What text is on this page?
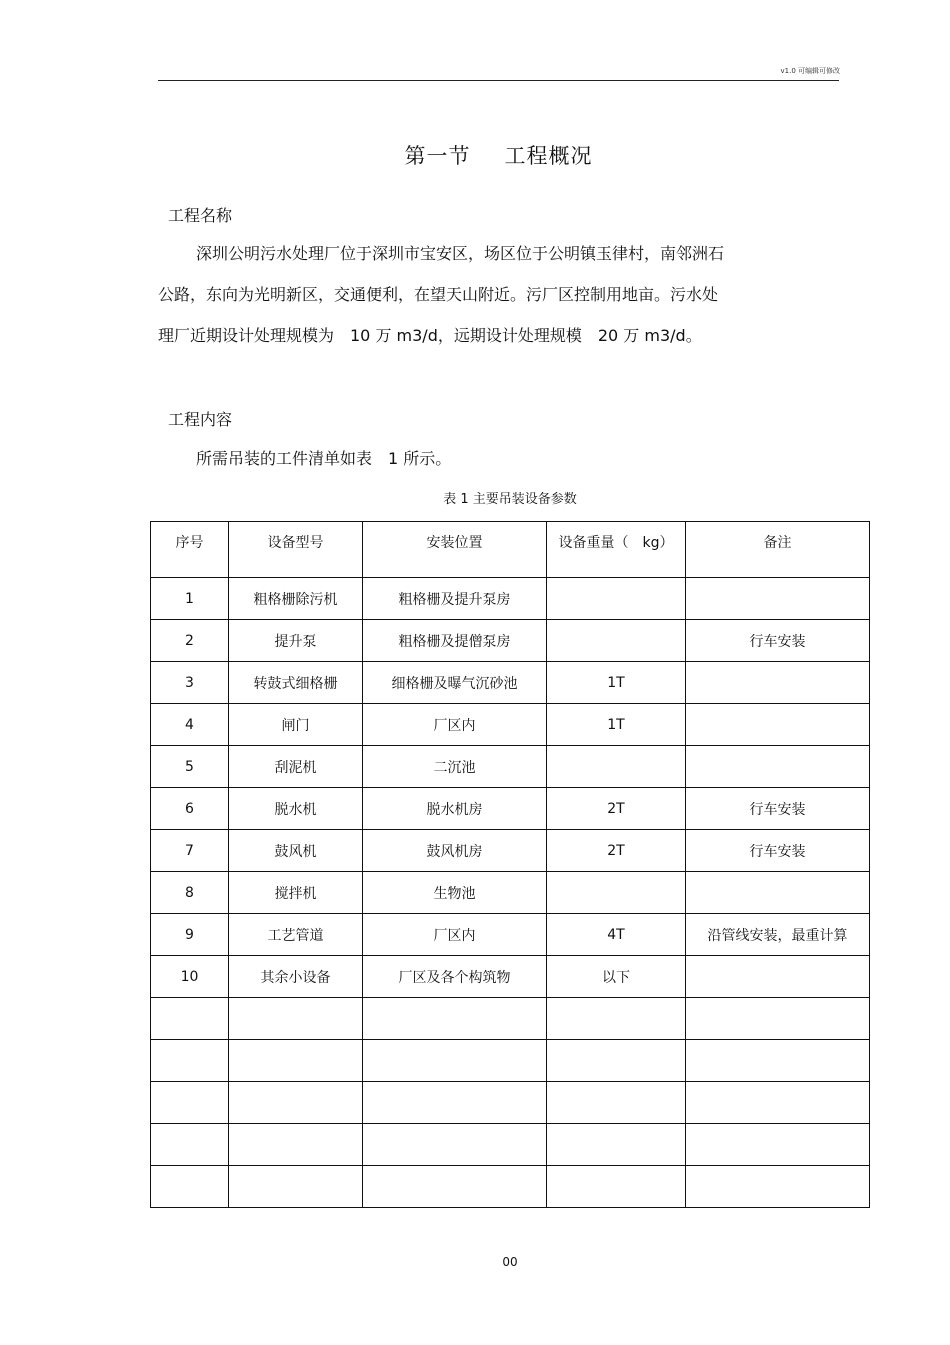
v1.0 可编辑可修改
第一节 工程概况
工程名称
深圳公明污水处理厂位于深圳市宝安区，场区位于公明镇玉律村，南邻洲石
公路，东向为光明新区，交通便利，在望天山附近。污厂区控制用地亩。污水处
理厂近期设计处理规模为　10 万 m3/d，远期设计处理规模　20 万 m3/d。
工程内容
所需吊装的工件清单如表　1 所示。
表 1 主要吊装设备参数
序号	设备型号	安装位置	设备重量（　kg）	备注
1	粗格栅除污机	粗格栅及提升泵房		
2	提升泵	粗格栅及提僧泵房		行车安装
3	转鼓式细格栅	细格栅及曝气沉砂池	1T	
4	闸门	厂区内	1T	
5	刮泥机	二沉池		
6	脱水机	脱水机房	2T	行车安装
7	鼓风机	鼓风机房	2T	行车安装
8	搅拌机	生物池		
9	工艺管道	厂区内	4T	沿管线安装，最重计算
10	其余小设备	厂区及各个构筑物	以下	

00
